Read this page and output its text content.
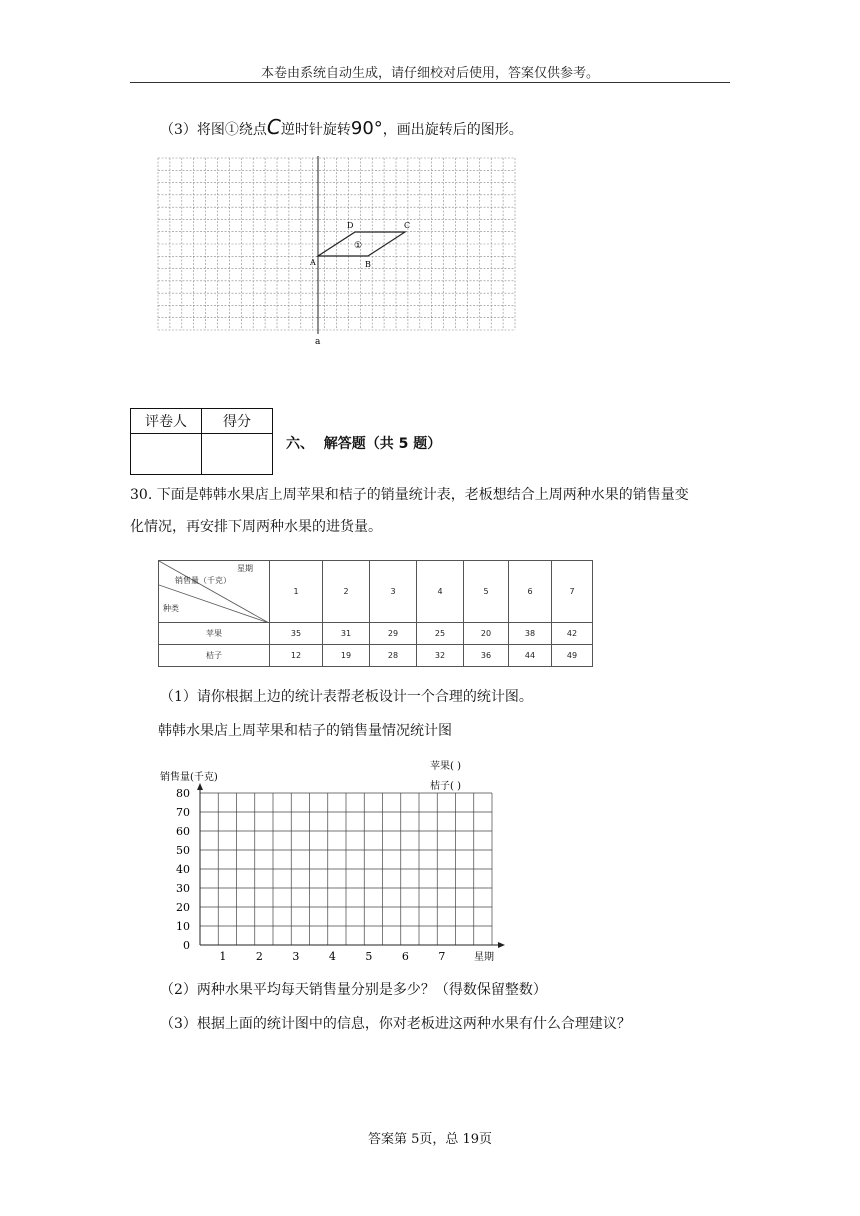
本卷由系统自动生成，请仔细校对后使用，答案仅供参考。
（3）将图①绕点C逆时针旋转90°，画出旋转后的图形。
A	B
C
D
①
a
评卷人	得分

六、 解答题（共 5 题）
30. 下面是韩韩水果店上周苹果和桔子的销量统计表，老板想结合上周两种水果的销售量变
化情况，再安排下周两种水果的进货量。
星期
销售量（千克）
种类	1	2	3	4	5	6	7
苹果	35	31	29	25	20	38	42
桔子	12	19	28	32	36	44	49
（1）请你根据上边的统计表帮老板设计一个合理的统计图。
韩韩水果店上周苹果和桔子的销售量情况统计图
销售量(千克)
苹果( )
桔子( )
80
70
60
50
40
30
20
10
0
1	2	3	4	5	6	7	星期
（2）两种水果平均每天销售量分别是多少？（得数保留整数）
（3）根据上面的统计图中的信息，你对老板进这两种水果有什么合理建议？
答案第 5页，总 19页
